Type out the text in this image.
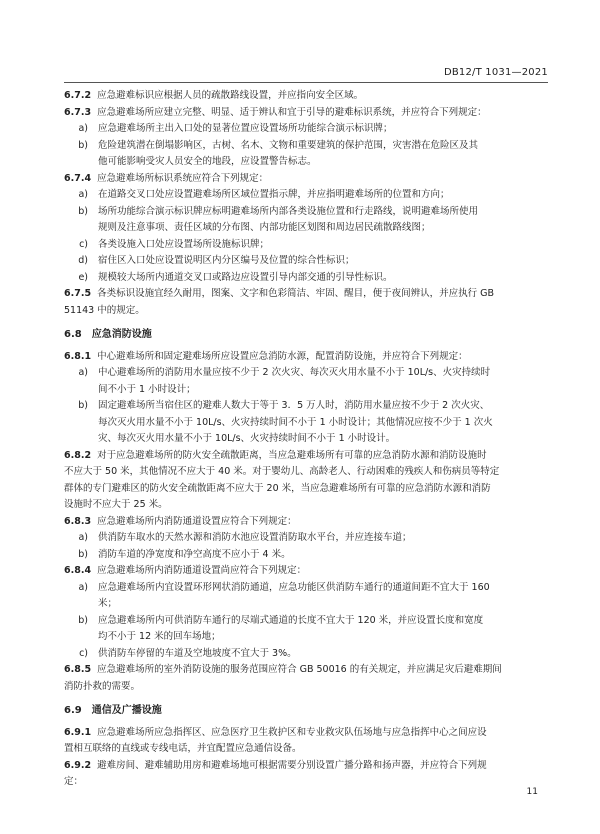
DB12/T 1031—2021
6.7.2 应急避难标识应根据人员的疏散路线设置，并应指向安全区域。
6.7.3 应急避难场所应建立完整、明显、适于辨认和宜于引导的避难标识系统，并应符合下列规定：
a) 应急避难场所主出入口处的显著位置应设置场所功能综合演示标识牌；
b) 危险建筑潜在倒塌影响区，古树、名木、文物和重要建筑的保护范围，灾害潜在危险区及其
他可能影响受灾人员安全的地段，应设置警告标志。
6.7.4 应急避难场所标识系统应符合下列规定：
a) 在道路交叉口处应设置避难场所区域位置指示牌，并应指明避难场所的位置和方向；
b) 场所功能综合演示标识牌应标明避难场所内部各类设施位置和行走路线，说明避难场所使用
规则及注意事项、责任区域的分布图、内部功能区划图和周边居民疏散路线图；
c) 各类设施入口处应设置场所设施标识牌；
d) 宿住区入口处应设置说明区内分区编号及位置的综合性标识；
e) 规模较大场所内通道交叉口或路边应设置引导内部交通的引导性标识。
6.7.5 各类标识设施宜经久耐用，图案、文字和色彩简洁、牢固、醒目，便于夜间辨认，并应执行 GB
51143 中的规定。
6.8 应急消防设施
6.8.1 中心避难场所和固定避难场所应设置应急消防水源，配置消防设施，并应符合下列规定：
a) 中心避难场所的消防用水量应按不少于 2 次火灾、每次灭火用水量不小于 10L/s、火灾持续时
间不小于 1 小时设计；
b) 固定避难场所当宿住区的避难人数大于等于 3．5 万人时，消防用水量应按不少于 2 次火灾、
每次灭火用水量不小于 10L/s、火灾持续时间不小于 1 小时设计；其他情况应按不少于 1 次火
灾、每次灭火用水量不小于 10L/s、火灾持续时间不小于 1 小时设计。
6.8.2 对于应急避难场所的防火安全疏散距离，当应急避难场所有可靠的应急消防水源和消防设施时
不应大于 50 米，其他情况不应大于 40 米。对于婴幼儿、高龄老人、行动困难的残疾人和伤病员等特定
群体的专门避难区的防火安全疏散距离不应大于 20 米，当应急避难场所有可靠的应急消防水源和消防
设施时不应大于 25 米。
6.8.3 应急避难场所内消防通道设置应符合下列规定：
a) 供消防车取水的天然水源和消防水池应设置消防取水平台，并应连接车道；
b) 消防车道的净宽度和净空高度不应小于 4 米。
6.8.4 应急避难场所内消防通道设置尚应符合下列规定：
a) 应急避难场所内宜设置环形网状消防通道，应急功能区供消防车通行的通道间距不宜大于 160
米；
b) 应急避难场所内可供消防车通行的尽端式通道的长度不宜大于 120 米，并应设置长度和宽度
均不小于 12 米的回车场地；
c) 供消防车停留的车道及空地坡度不宜大于 3%。
6.8.5 应急避难场所的室外消防设施的服务范围应符合 GB 50016 的有关规定，并应满足灾后避难期间
消防扑救的需要。
6.9 通信及广播设施
6.9.1 应急避难场所应急指挥区、应急医疗卫生救护区和专业救灾队伍场地与应急指挥中心之间应设
置相互联络的直线或专线电话，并宜配置应急通信设备。
6.9.2 避难房间、避难辅助用房和避难场地可根据需要分别设置广播分路和扬声器，并应符合下列规
定：
11
